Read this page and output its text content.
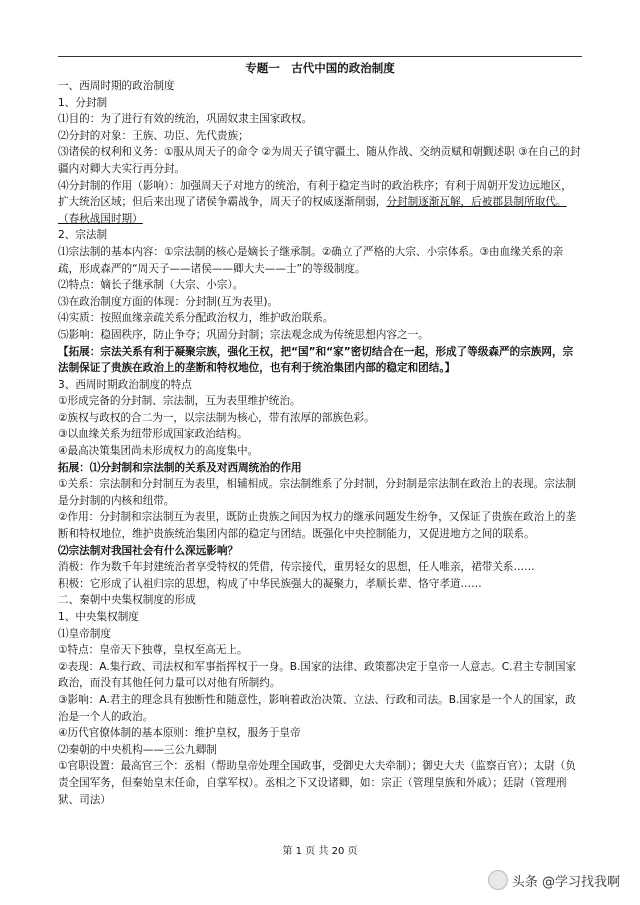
专题一　古代中国的政治制度

一、西周时期的政治制度

1、分封制

⑴目的：为了进行有效的统治，巩固奴隶主国家政权。

⑵分封的对象：王族、功臣、先代贵族；

⑶诸侯的权利和义务：①服从周天子的命令 ②为周天子镇守疆土、随从作战、交纳贡赋和朝觐述职 ③在自己的封疆内对卿大夫实行再分封。

⑷分封制的作用（影响）：加强周天子对地方的统治，有利于稳定当时的政治秩序；有利于周朝开发边远地区，扩大统治区域；但后来出现了诸侯争霸战争，周天子的权威逐渐削弱，分封制逐渐瓦解，后被郡县制所取代。（春秋战国时期）

2、宗法制

⑴宗法制的基本内容：①宗法制的核心是嫡长子继承制。②确立了严格的大宗、小宗体系。③由血缘关系的亲疏，形成森严的“周天子——诸侯——卿大夫——士”的等级制度。

⑵特点：嫡长子继承制（大宗、小宗）。

⑶在政治制度方面的体现：分封制(互为表里)。

⑷实质：按照血缘亲疏关系分配政治权力，维护政治联系。

⑸影响：稳固秩序，防止争夺；巩固分封制；宗法观念成为传统思想内容之一。

【拓展：宗法关系有利于凝聚宗族，强化王权，把“国”和“家”密切结合在一起，形成了等级森严的宗族网，宗法制保证了贵族在政治上的垄断和特权地位，也有利于统治集团内部的稳定和团结。】

3、西周时期政治制度的特点

①形成完备的分封制、宗法制，互为表里维护统治。

②族权与政权的合二为一，以宗法制为核心，带有浓厚的部族色彩。

③以血缘关系为纽带形成国家政治结构。

④最高决策集团尚未形成权力的高度集中。

拓展：⑴分封制和宗法制的关系及对西周统治的作用

①关系：宗法制和分封制互为表里，相辅相成。宗法制维系了分封制，分封制是宗法制在政治上的表现。宗法制是分封制的内核和纽带。

②作用：分封制和宗法制互为表里，既防止贵族之间因为权力的继承问题发生纷争，又保证了贵族在政治上的垄断和特权地位，维护贵族统治集团内部的稳定与团结。既强化中央控制能力，又促进地方之间的联系。

⑵宗法制对我国社会有什么深远影响？

消极：作为数千年封建统治者享受特权的凭借，传宗接代，重男轻女的思想，任人唯亲，裙带关系……

积极：它形成了认祖归宗的思想，构成了中华民族强大的凝聚力，孝顺长辈、恪守孝道……

二、秦朝中央集权制度的形成

1、中央集权制度

⑴皇帝制度

①特点：皇帝天下独尊，皇权至高无上。

②表现：A.集行政、司法权和军事指挥权于一身。B.国家的法律、政策都决定于皇帝一人意志。C.君主专制国家政治，而没有其他任何力量可以对他有所制约。

③影响：A.君主的理念具有独断性和随意性，影响着政治决策、立法、行政和司法。B.国家是一个人的国家，政治是一个人的政治。

④历代官僚体制的基本原则：维护皇权，服务于皇帝

⑵秦朝的中央机构——三公九卿制

①官职设置：最高官三个：丞相（帮助皇帝处理全国政事，受御史大夫牵制）；御史大夫（监察百官）；太尉（负责全国军务，但秦始皇末任命，自掌军权）。丞相之下又设诸卿，如：宗正（管理皇族和外戚）；廷尉（管理刑狱、司法）

第 1 页 共 20 页
头条 @学习找我啊
